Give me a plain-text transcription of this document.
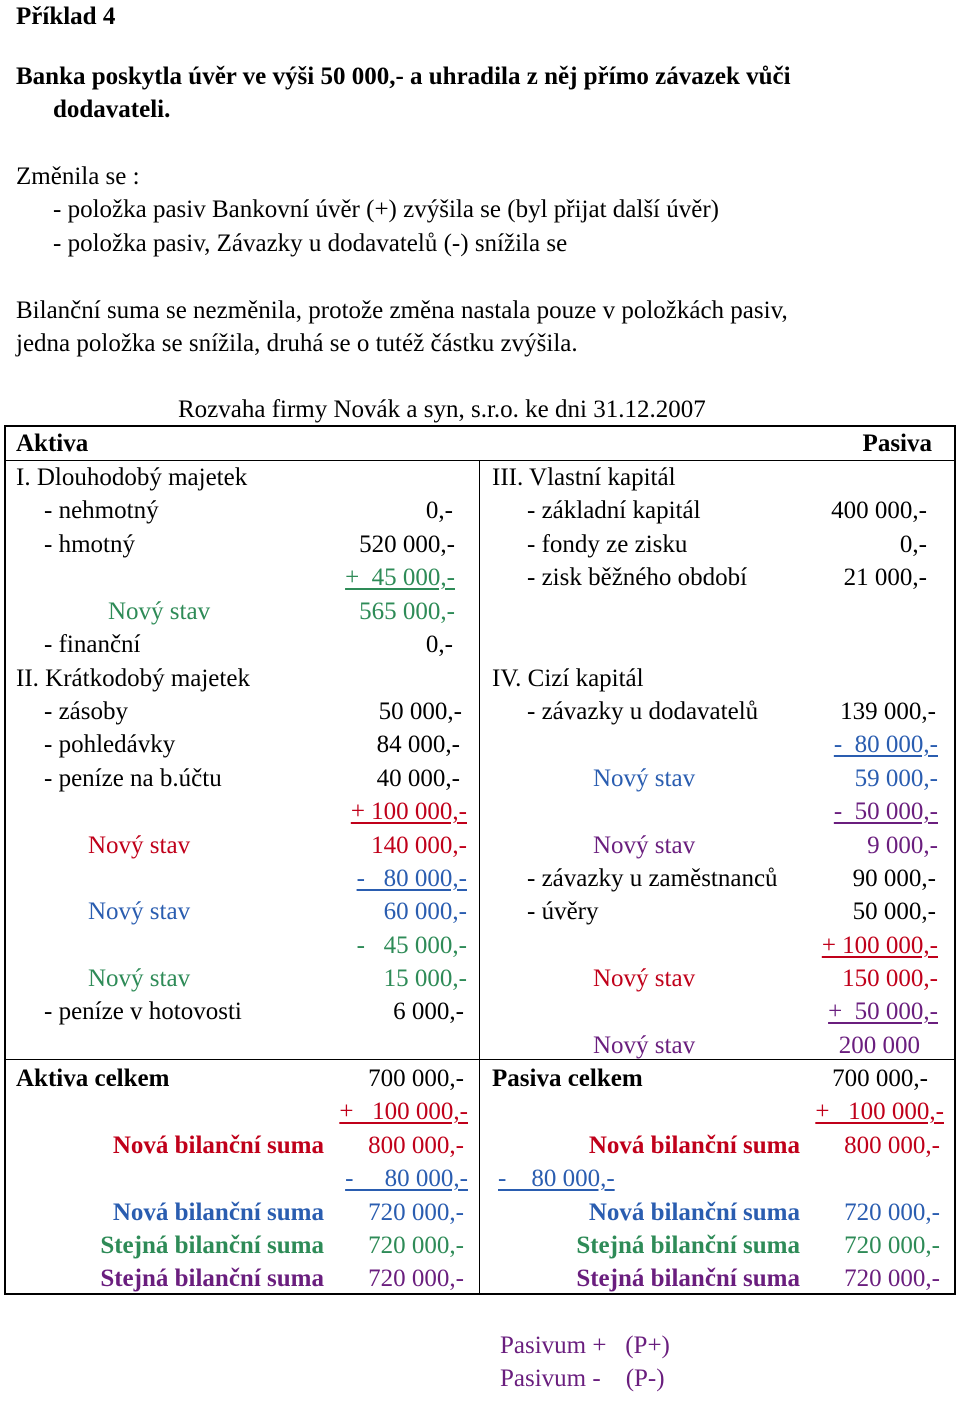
Příklad 4
Banka poskytla úvěr ve výši 50 000,- a uhradila z něj přímo závazek vůči
dodavateli.
Změnila se :
- položka pasiv Bankovní úvěr (+) zvýšila se (byl přijat další úvěr)
- položka pasiv, Závazky u dodavatelů (-) snížila se
Bilanční suma se nezměnila, protože změna nastala pouze v položkách pasiv,
jedna položka se snížila, druhá se o tutéž částku zvýšila.
Rozvaha firmy Novák a syn, s.r.o. ke dni 31.12.2007
Aktiva	Pasiva
I. Dlouhodobý majetek
- nehmotný	0,-
- hmotný	520 000,-
+  45 000,-
Nový stav	565 000,-
- finanční	0,-
II. Krátkodobý majetek
- zásoby	50 000,-
- pohledávky	84 000,-
- peníze na b.účtu	40 000,-
+ 100 000,-
Nový stav	140 000,-
-   80 000,-
Nový stav	60 000,-
-   45 000,-
Nový stav	15 000,-
- peníze v hotovosti	6 000,-
III. Vlastní kapitál
- základní kapitál	400 000,-
- fondy ze zisku	0,-
- zisk běžného období	21 000,-
IV. Cizí kapitál
- závazky u dodavatelů	139 000,-
-  80 000,-
Nový stav	59 000,-
-  50 000,-
Nový stav	9 000,-
- závazky u zaměstnanců	90 000,-
- úvěry	50 000,-
+ 100 000,-
Nový stav	150 000,-
+  50 000,-
Nový stav	200 000
Aktiva celkem	700 000,-
+   100 000,-
Nová bilanční suma 800 000,-
-     80 000,-
Nová bilanční suma 720 000,-
Stejná bilanční suma 720 000,-
Stejná bilanční suma 720 000,-
Pasiva celkem	700 000,-
+   100 000,-
Nová bilanční suma 800 000,-
-    80 000,-
Nová bilanční suma 720 000,-
Stejná bilanční suma 720 000,-
Stejná bilanční suma 720 000,-
Pasivum +   (P+)
Pasivum -    (P-)
